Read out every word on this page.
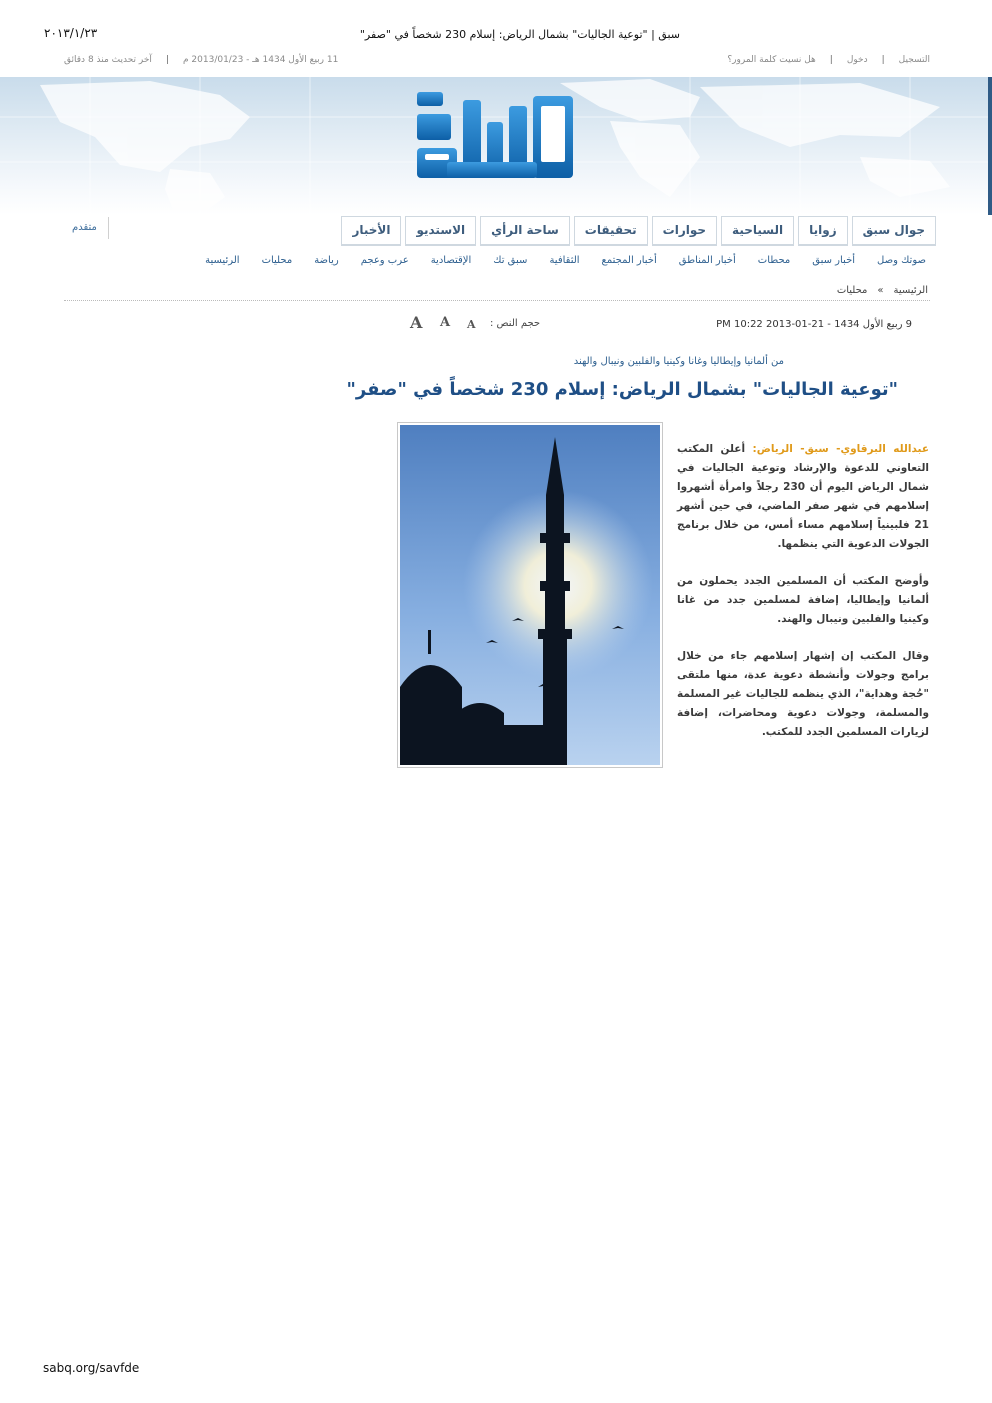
٢٠١٣/١/٢٣	سبق | "توعية الجاليات" بشمال الرياض: إسلام 230 شخصاً في "صفر"
التسجيل
|
دخول
|
هل نسيت كلمة المرور؟
11 ربيع الأول 1434 هـ - 2013/01/23 م
|
آخر تحديث منذ 8 دقائق
الأخبار	الاستديو	ساحة الرأي	تحقيقات	حوارات	السياحية	زوايا	جوال سبق
متقدم
الرئيسية محليات رياضة عرب وعجم الإقتصادية سبق تك الثقافية أخبار المجتمع أخبار المناطق محطات أخبار سبق صوتك وصل
الرئيسية
»
محليات
9 ربيع الأول 1434 - 21-01-2013 10:22 PM
حجم النص :
A
A
A
من ألمانيا وإيطاليا وغانا وكينيا والفلبين ونيبال والهند
"توعية الجاليات" بشمال الرياض: إسلام 230 شخصاً في "صفر"

عبدالله البرقاوي- سبق- الرياض: أعلن المكتب التعاوني للدعوة والإرشاد وتوعية الجاليات في شمال الرياض اليوم أن 230 رجلاً وامرأة أشهروا إسلامهم في شهر صفر الماضي، في حين أشهر 21 فلبينياً إسلامهم مساء أمس، من خلال برنامج الجولات الدعوية التي ينظمها.

وأوضح المكتب أن المسلمين الجدد يحملون من ألمانيا وإيطاليا، إضافة لمسلمين جدد من غانا وكينيا والفلبين ونيبال والهند.

وقال المكتب إن إشهار إسلامهم جاء من خلال برامج وجولات وأنشطة دعوية عدة، منها ملتقى "حُجة وهداية"، الذي ينظمه للجاليات غير المسلمة والمسلمة، وجولات دعوية ومحاضرات، إضافة لزيارات المسلمين الجدد للمكتب.

sabq.org/savfde
